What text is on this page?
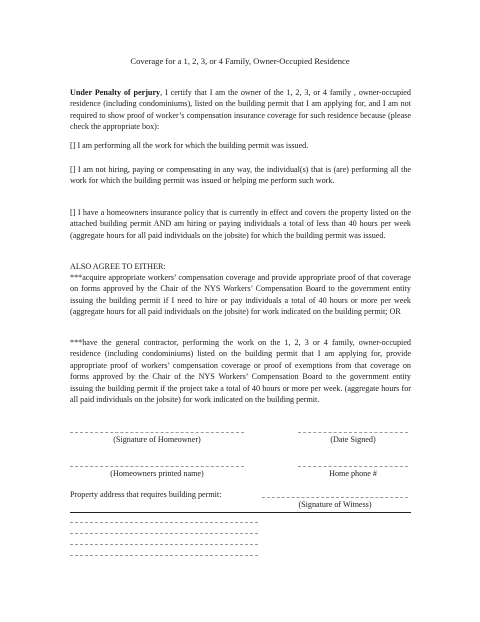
Coverage for a 1, 2, 3, or 4 Family, Owner-Occupied Residence

Under Penalty of perjury, I certify that I am the owner of the 1, 2, 3, or 4 family , owner-occupied residence (including condominiums), listed on the building permit that I am applying for, and I am not required to show proof of worker’s compensation insurance coverage for such residence because (please check the appropriate box):

[] I am performing all the work for which the building permit was issued.

[] I am not hiring, paying or compensating in any way, the individual(s) that is (are) performing all the work for which the building permit was issued or helping me perform such work.

[] I have a homeowners insurance policy that is currently in effect and covers the property listed on the attached building permit AND am hiring or paying individuals a total of less than 40 hours per week (aggregate hours for all paid individuals on the jobsite) for which the building permit was issued.

ALSO AGREE TO EITHER:

***acquire appropriate workers’ compensation coverage and provide appropriate proof of that coverage on forms approved by the Chair of the NYS Workers’ Compensation Board to the government entity issuing the building permit if I need to hire or pay individuals a total of 40 hours or more per week (aggregate hours for all paid individuals on the jobsite) for work indicated on the building permit; OR

***have the general contractor, performing the work on the 1, 2, 3 or 4 family, owner-occupied residence (including condominiums) listed on the building permit that I am applying for, provide appropriate proof of workers’ compensation coverage or proof of exemptions from that coverage on forms approved by the Chair of the NYS Workers’ Compensation Board to the government entity issuing the building permit if the project take a total of 40 hours or more per week. (aggregate hours for all paid individuals on the jobsite) for work indicated on the building permit.

(Signature of Homeowner)	(Date Signed)
(Homeowners printed name)	Home phone #
Property address that requires building permit:
(Signature of Witness)
